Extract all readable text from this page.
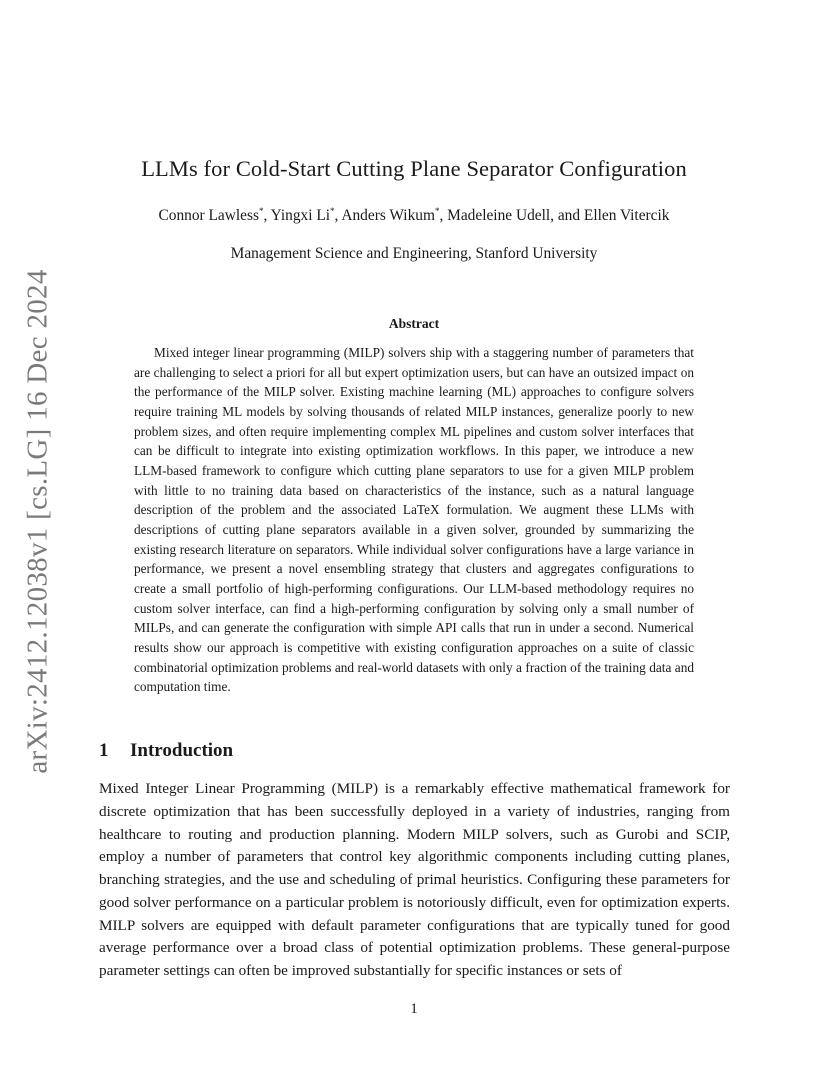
arXiv:2412.12038v1 [cs.LG] 16 Dec 2024
LLMs for Cold-Start Cutting Plane Separator Configuration
Connor Lawless*, Yingxi Li*, Anders Wikum*, Madeleine Udell, and Ellen Vitercik
Management Science and Engineering, Stanford University
Abstract

Mixed integer linear programming (MILP) solvers ship with a staggering number of parameters that are challenging to select a priori for all but expert optimization users, but can have an outsized impact on the performance of the MILP solver. Existing machine learning (ML) approaches to configure solvers require training ML models by solving thousands of related MILP instances, generalize poorly to new problem sizes, and often require implementing complex ML pipelines and custom solver interfaces that can be difficult to integrate into existing optimization workflows. In this paper, we introduce a new LLM-based framework to configure which cutting plane separators to use for a given MILP problem with little to no training data based on characteristics of the instance, such as a natural language description of the problem and the associated LaTeX formulation. We augment these LLMs with descriptions of cutting plane separators available in a given solver, grounded by summarizing the existing research literature on separators. While individual solver configurations have a large variance in performance, we present a novel ensembling strategy that clusters and aggregates configurations to create a small portfolio of high-performing configurations. Our LLM-based methodology requires no custom solver interface, can find a high-performing configuration by solving only a small number of MILPs, and can generate the configuration with simple API calls that run in under a second. Numerical results show our approach is competitive with existing configuration approaches on a suite of classic combinatorial optimization problems and real-world datasets with only a fraction of the training data and computation time.

1 Introduction

Mixed Integer Linear Programming (MILP) is a remarkably effective mathematical framework for discrete optimization that has been successfully deployed in a variety of industries, ranging from healthcare to routing and production planning. Modern MILP solvers, such as Gurobi and SCIP, employ a number of parameters that control key algorithmic components including cutting planes, branching strategies, and the use and scheduling of primal heuristics. Configuring these parameters for good solver performance on a particular problem is notoriously difficult, even for optimization experts. MILP solvers are equipped with default parameter configurations that are typically tuned for good average performance over a broad class of potential optimization problems. These general-purpose parameter settings can often be improved substantially for specific instances or sets of

1
